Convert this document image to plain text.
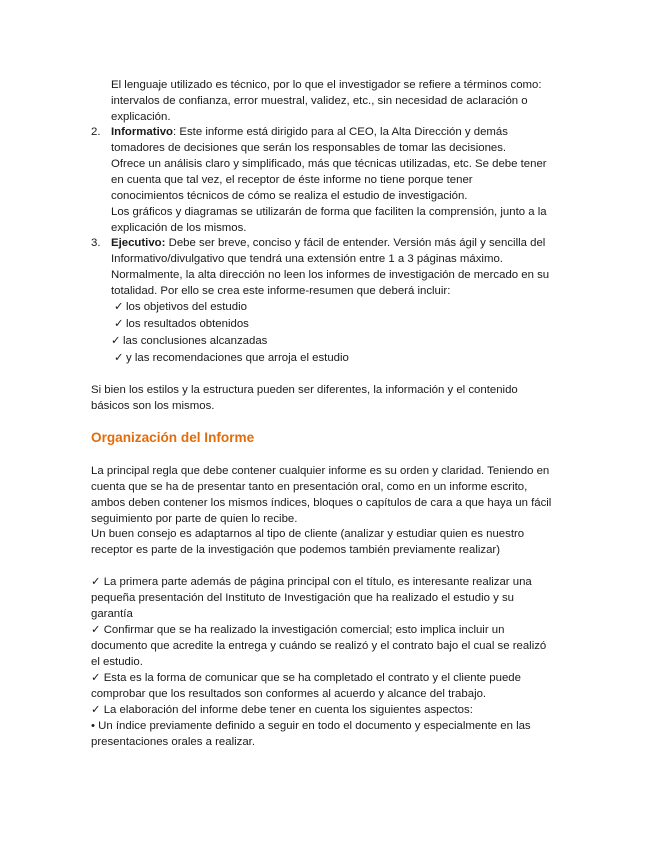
El lenguaje utilizado es técnico, por lo que el investigador se refiere a términos como:

intervalos de confianza, error muestral, validez, etc., sin necesidad de aclaración o

explicación.

2. Informativo: Este informe está dirigido para al CEO, la Alta Dirección y demás

tomadores de decisiones que serán los responsables de tomar las decisiones.

Ofrece un análisis claro y simplificado, más que técnicas utilizadas, etc. Se debe tener

en cuenta que tal vez, el receptor de éste informe no tiene porque tener

conocimientos técnicos de cómo se realiza el estudio de investigación.

Los gráficos y diagramas se utilizarán de forma que faciliten la comprensión, junto a la

explicación de los mismos.

3. Ejecutivo: Debe ser breve, conciso y fácil de entender. Versión más ágil y sencilla del

Informativo/divulgativo que tendrá una extensión entre 1 a 3 páginas máximo.

Normalmente, la alta dirección no leen los informes de investigación de mercado en su

totalidad. Por ello se crea este informe-resumen que deberá incluir:

✓ los objetivos del estudio

✓ los resultados obtenidos

✓ las conclusiones alcanzadas

✓ y las recomendaciones que arroja el estudio

Si bien los estilos y la estructura pueden ser diferentes, la información y el contenido

básicos son los mismos.

Organización del Informe

La principal regla que debe contener cualquier informe es su orden y claridad. Teniendo en

cuenta que se ha de presentar tanto en presentación oral, como en un informe escrito,

ambos deben contener los mismos índices, bloques o capítulos de cara a que haya un fácil

seguimiento por parte de quien lo recibe.

Un buen consejo es adaptarnos al tipo de cliente (analizar y estudiar quien es nuestro

receptor es parte de la investigación que podemos también previamente realizar)

✓ La primera parte además de página principal con el título, es interesante realizar una

pequeña presentación del Instituto de Investigación que ha realizado el estudio y su

garantía

✓ Confirmar que se ha realizado la investigación comercial; esto implica incluir un

documento que acredite la entrega y cuándo se realizó y el contrato bajo el cual se realizó

el estudio.

✓ Esta es la forma de comunicar que se ha completado el contrato y el cliente puede

comprobar que los resultados son conformes al acuerdo y alcance del trabajo.

✓ La elaboración del informe debe tener en cuenta los siguientes aspectos:

• Un índice previamente definido a seguir en todo el documento y especialmente en las

presentaciones orales a realizar.
